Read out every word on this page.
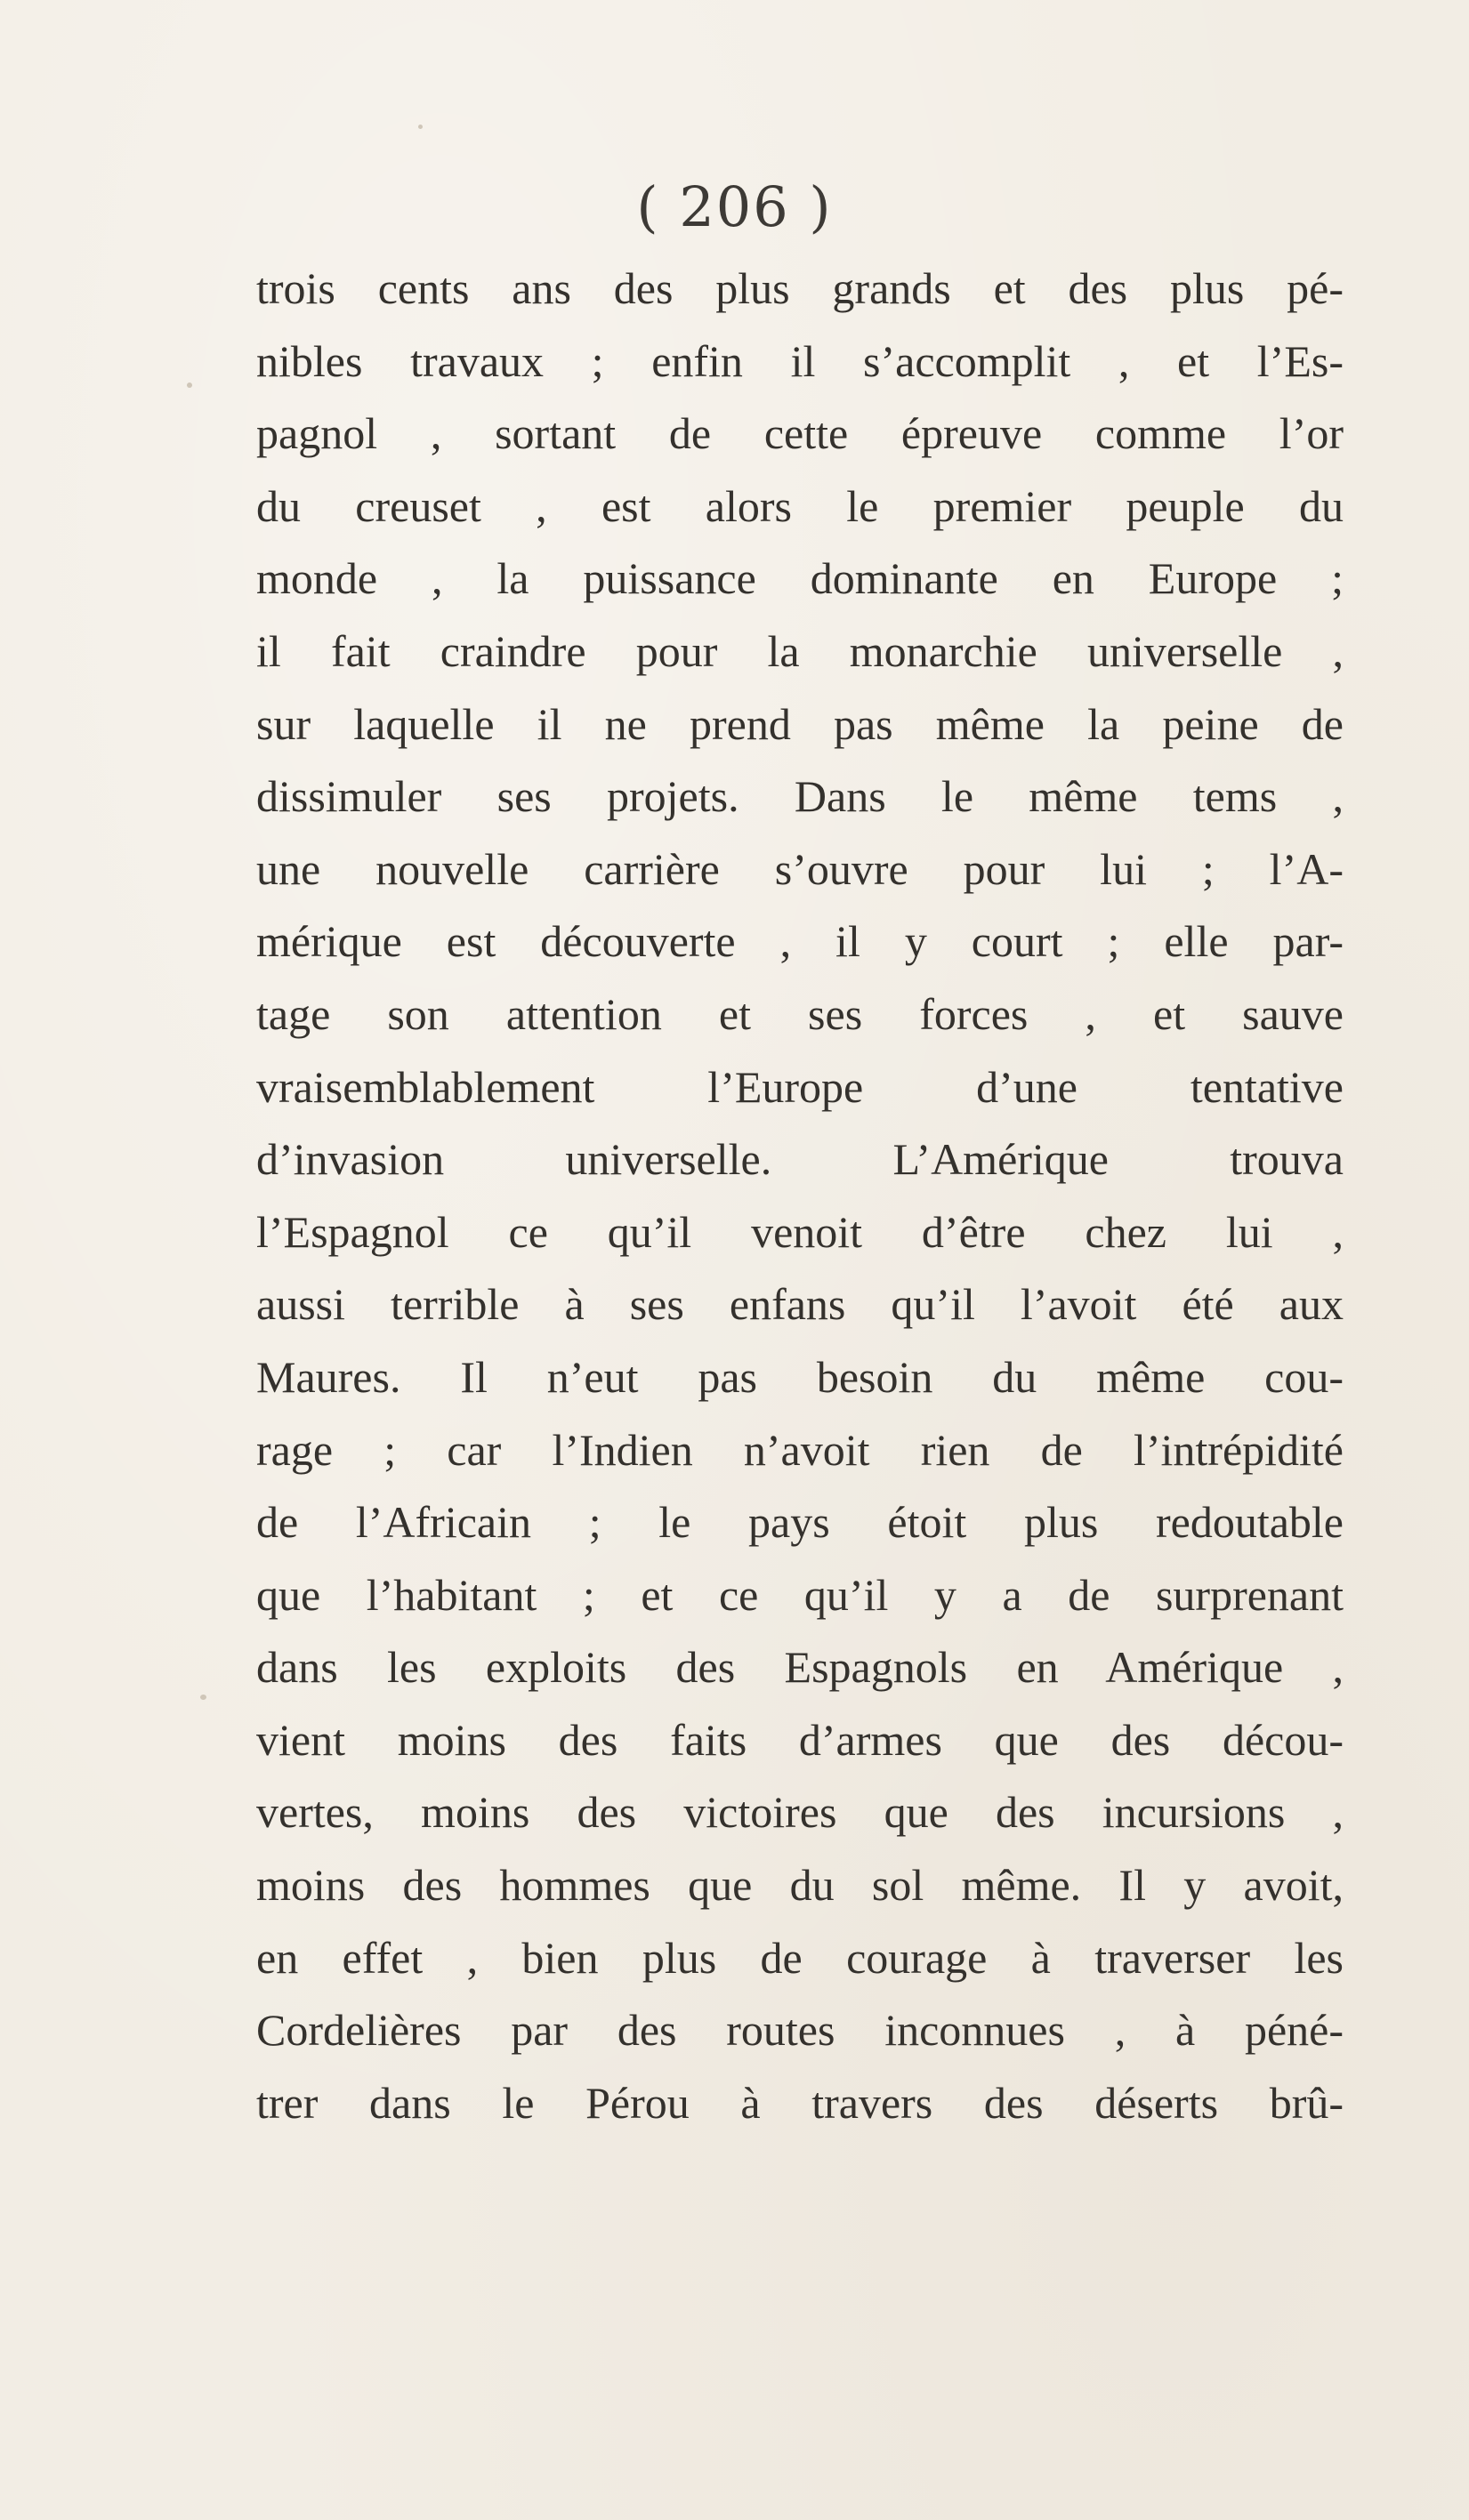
( 206 )
trois cents ans des plus grands et des plus pé-
nibles travaux ; enfin il s’accomplit , et l’Es-
pagnol , sortant de cette épreuve comme l’or
du creuset , est alors le premier peuple du
monde , la puissance dominante en Europe ;
il fait craindre pour la monarchie universelle ,
sur laquelle il ne prend pas même la peine de
dissimuler ses projets. Dans le même tems ,
une nouvelle carrière s’ouvre pour lui ; l’A-
mérique est découverte , il y court ; elle par-
tage son attention et ses forces , et sauve
vraisemblablement l’Europe d’une tentative
d’invasion universelle. L’Amérique trouva
l’Espagnol ce qu’il venoit d’être chez lui ,
aussi terrible à ses enfans qu’il l’avoit été aux
Maures. Il n’eut pas besoin du même cou-
rage ; car l’Indien n’avoit rien de l’intrépidité
de l’Africain ; le pays étoit plus redoutable
que l’habitant ; et ce qu’il y a de surprenant
dans les exploits des Espagnols en Amérique ,
vient moins des faits d’armes que des décou-
vertes, moins des victoires que des incursions ,
moins des hommes que du sol même. Il y avoit,
en effet , bien plus de courage à traverser les
Cordelières par des routes inconnues , à péné-
trer dans le Pérou à travers des déserts brû-
